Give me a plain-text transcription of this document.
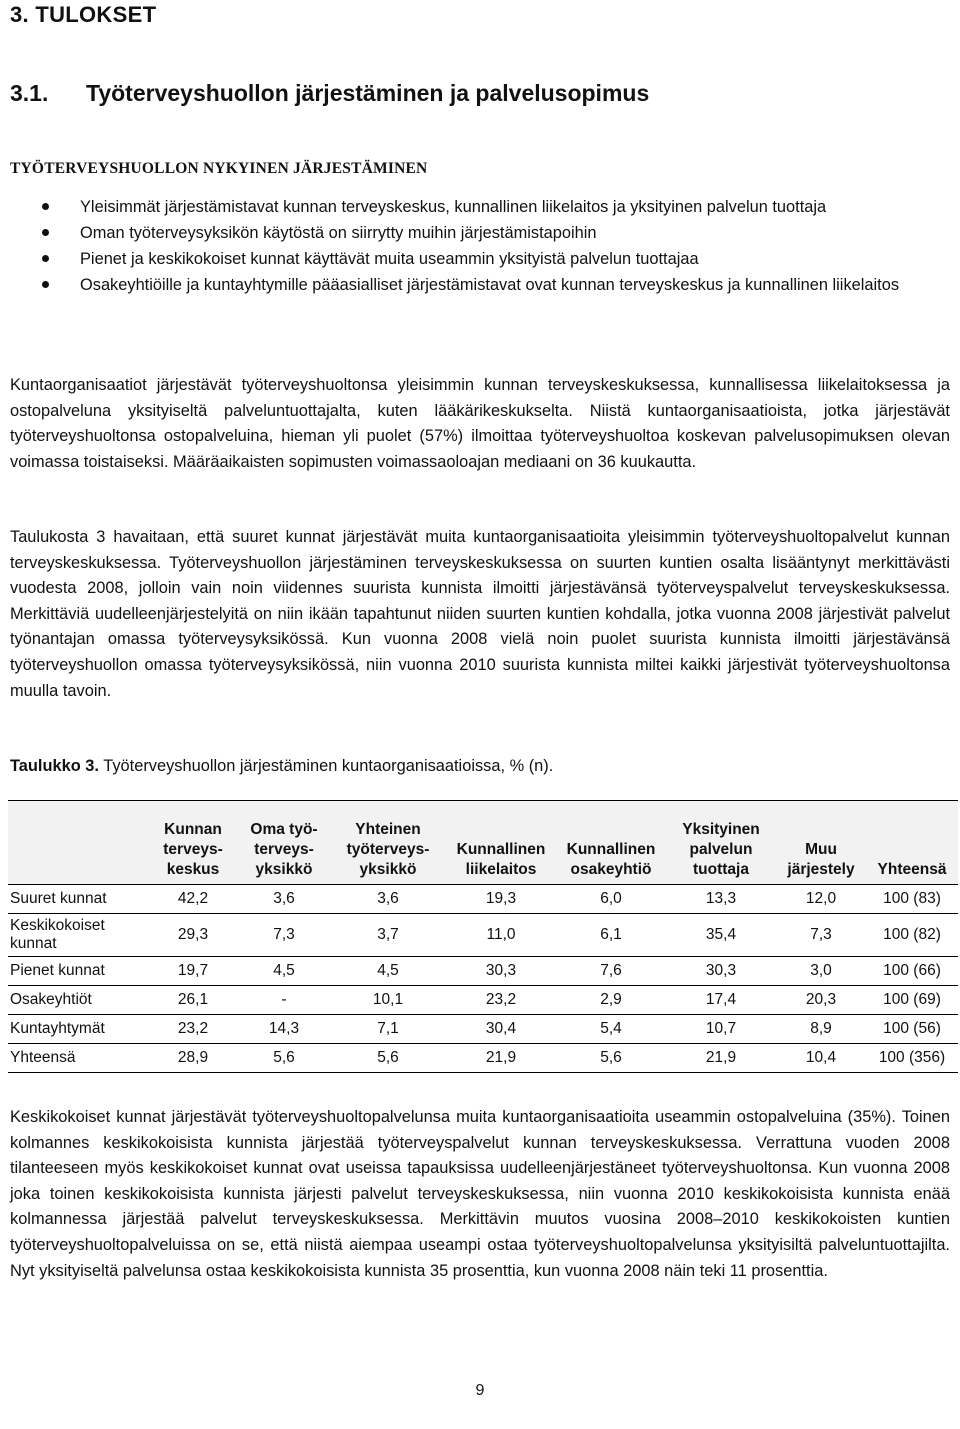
3. TULOKSET
3.1. Työterveyshuollon järjestäminen ja palvelusopimus
TYÖTERVEYSHUOLLON NYKYINEN JÄRJESTÄMINEN
Yleisimmät järjestämistavat kunnan terveyskeskus, kunnallinen liikelaitos ja yksityinen palvelun tuottaja
Oman työterveysyksikön käytöstä on siirrytty muihin järjestämistapoihin
Pienet ja keskikokoiset kunnat käyttävät muita useammin yksityistä palvelun tuottajaa
Osakeyhtiöille ja kuntayhtymille pääasialliset järjestämistavat ovat kunnan terveyskeskus ja kunnallinen liikelaitos

Kuntaorganisaatiot järjestävät työterveyshuoltonsa yleisimmin kunnan terveyskeskuksessa, kunnallisessa liikelaitoksessa ja ostopalveluna yksityiseltä palveluntuottajalta, kuten lääkärikeskukselta. Niistä kuntaorganisaatioista, jotka järjestävät työterveyshuoltonsa ostopalveluina, hieman yli puolet (57%) ilmoittaa työterveyshuoltoa koskevan palvelusopimuksen olevan voimassa toistaiseksi. Määräaikaisten sopimusten voimassaoloajan mediaani on 36 kuukautta.

Taulukosta 3 havaitaan, että suuret kunnat järjestävät muita kuntaorganisaatioita yleisimmin työterveyshuoltopalvelut kunnan terveyskeskuksessa. Työterveyshuollon järjestäminen terveyskeskuksessa on suurten kuntien osalta lisääntynyt merkittävästi vuodesta 2008, jolloin vain noin viidennes suurista kunnista ilmoitti järjestävänsä työterveyspalvelut terveyskeskuksessa. Merkittäviä uudelleenjärjestelyitä on niin ikään tapahtunut niiden suurten kuntien kohdalla, jotka vuonna 2008 järjestivät palvelut työnantajan omassa työterveysyksikössä. Kun vuonna 2008 vielä noin puolet suurista kunnista ilmoitti järjestävänsä työterveyshuollon omassa työterveysyksikössä, niin vuonna 2010 suurista kunnista miltei kaikki järjestivät työterveyshuoltonsa muulla tavoin.

Taulukko 3. Työterveyshuollon järjestäminen kuntaorganisaatioissa, % (n).
	Kunnan terveyskeskus	Oma työterveysyksikkö	Yhteinen työterveysyksikkö	Kunnallinen liikelaitos	Kunnallinen osakeyhtiö	Yksityinen palvelun tuottaja	Muu järjestely	Yhteensä
Suuret kunnat	42,2	3,6	3,6	19,3	6,0	13,3	12,0	100 (83)
Keskikokoiset kunnat	29,3	7,3	3,7	11,0	6,1	35,4	7,3	100 (82)
Pienet kunnat	19,7	4,5	4,5	30,3	7,6	30,3	3,0	100 (66)
Osakeyhtiöt	26,1	-	10,1	23,2	2,9	17,4	20,3	100 (69)
Kuntayhtymät	23,2	14,3	7,1	30,4	5,4	10,7	8,9	100 (56)
Yhteensä	28,9	5,6	5,6	21,9	5,6	21,9	10,4	100 (356)

Keskikokoiset kunnat järjestävät työterveyshuoltopalvelunsa muita kuntaorganisaatioita useammin ostopalveluina (35%). Toinen kolmannes keskikokoisista kunnista järjestää työterveyspalvelut kunnan terveyskeskuksessa. Verrattuna vuoden 2008 tilanteeseen myös keskikokoiset kunnat ovat useissa tapauksissa uudelleenjärjestäneet työterveyshuoltonsa. Kun vuonna 2008 joka toinen keskikokoisista kunnista järjesti palvelut terveyskeskuksessa, niin vuonna 2010 keskikokoisista kunnista enää kolmannessa järjestää palvelut terveyskeskuksessa. Merkittävin muutos vuosina 2008–2010 keskikokoisten kuntien työterveyshuoltopalveluissa on se, että niistä aiempaa useampi ostaa työterveyshuoltopalvelunsa yksityisiltä palveluntuottajilta. Nyt yksityiseltä palvelunsa ostaa keskikokoisista kunnista 35 prosenttia, kun vuonna 2008 näin teki 11 prosenttia.

9
